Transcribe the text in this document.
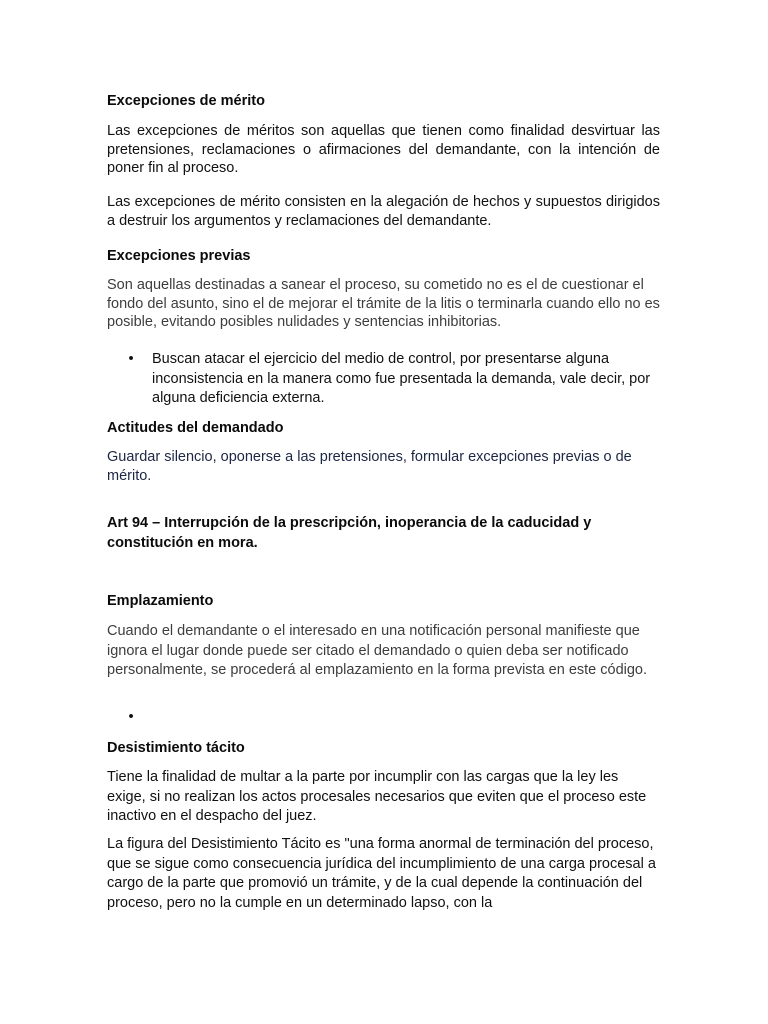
Excepciones de mérito

Las excepciones de méritos son aquellas que tienen como finalidad desvirtuar las pretensiones, reclamaciones o afirmaciones del demandante, con la intención de poner fin al proceso.

Las excepciones de mérito consisten en la alegación de hechos y supuestos dirigidos a destruir los argumentos y reclamaciones del demandante.

Excepciones previas

Son aquellas destinadas a sanear el proceso, su cometido no es el de cuestionar el fondo del asunto, sino el de mejorar el trámite de la litis o terminarla cuando ello no es posible, evitando posibles nulidades y sentencias inhibitorias.

• Buscan atacar el ejercicio del medio de control, por presentarse alguna inconsistencia en la manera como fue presentada la demanda, vale decir, por alguna deficiencia externa.
Actitudes del demandado

Guardar silencio, oponerse a las pretensiones, formular excepciones previas o de mérito.

Art 94 – Interrupción de la prescripción, inoperancia de la caducidad y constitución en mora.
Emplazamiento

Cuando el demandante o el interesado en una notificación personal manifieste que ignora el lugar donde puede ser citado el demandado o quien deba ser notificado personalmente, se procederá al emplazamiento en la forma prevista en este código.

•
Desistimiento tácito

Tiene la finalidad de multar a la parte por incumplir con las cargas que la ley les exige, si no realizan los actos procesales necesarios que eviten que el proceso este inactivo en el despacho del juez.

La figura del Desistimiento Tácito es "una forma anormal de terminación del proceso, que se sigue como consecuencia jurídica del incumplimiento de una carga procesal a cargo de la parte que promovió un trámite, y de la cual depende la continuación del proceso, pero no la cumple en un determinado lapso, con la
